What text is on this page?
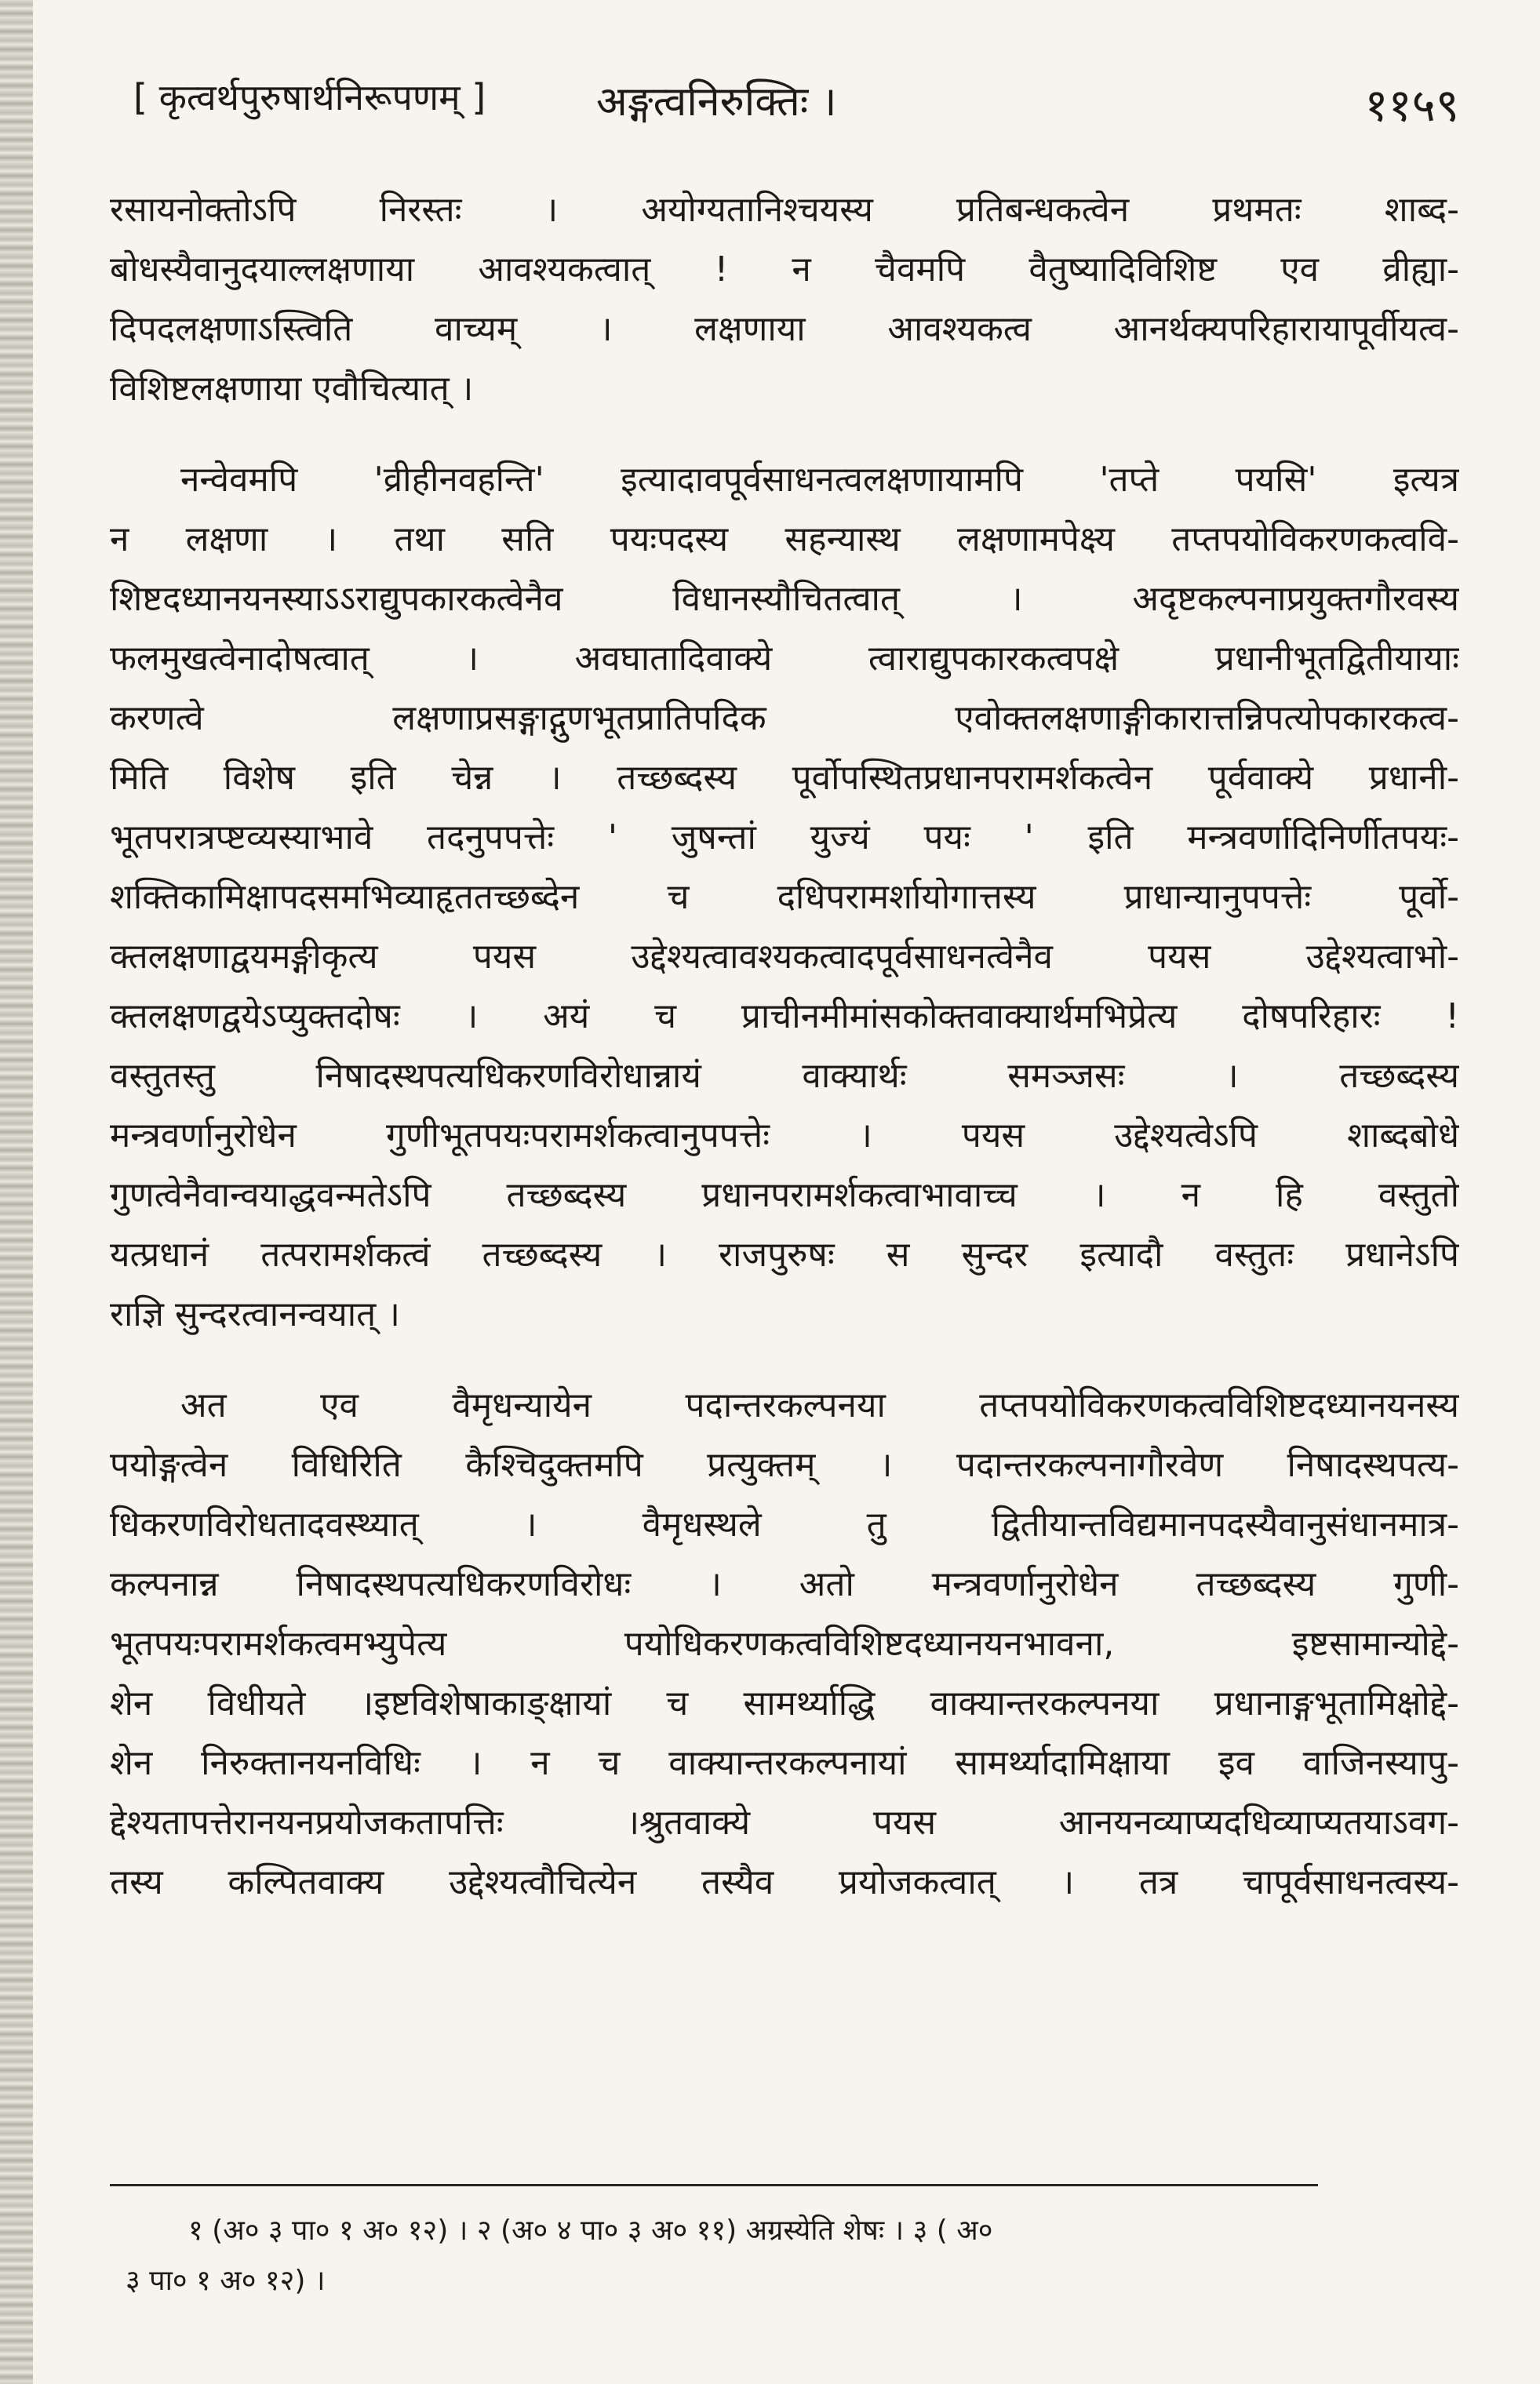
[ कृत्वर्थपुरुषार्थनिरूपणम् ]	अङ्गत्वनिरुक्तिः ।	११५९
रसायनोक्तोऽपि निरस्तः । अयोग्यतानिश्चयस्य प्रतिबन्धकत्वेन प्रथमतः शाब्द-
बोधस्यैवानुदयाल्लक्षणाया आवश्यकत्वात् ! न चैवमपि वैतुष्यादिविशिष्ट एव व्रीह्या-
दिपदलक्षणाऽस्त्विति वाच्यम् । लक्षणाया आवश्यकत्व आनर्थक्यपरिहारायापूर्वीयत्व-
विशिष्टलक्षणाया एवौचित्यात् ।
नन्वेवमपि 'व्रीहीनवहन्ति' इत्यादावपूर्वसाधनत्वलक्षणायामपि 'तप्ते पयसि' इत्यत्र
न लक्षणा । तथा सति पयःपदस्य सहन्यास्थ लक्षणामपेक्ष्य तप्तपयोविकरणकत्ववि-
शिष्टदध्यानयनस्याऽऽराद्युपकारकत्वेनैव विधानस्यौचितत्वात् । अदृष्टकल्पनाप्रयुक्तगौरवस्य
फलमुखत्वेनादोषत्वात् । अवघातादिवाक्ये त्वाराद्युपकारकत्वपक्षे प्रधानीभूतद्वितीयायाः
करणत्वे लक्षणाप्रसङ्गाद्गुणभूतप्रातिपदिक एवोक्तलक्षणाङ्गीकारात्तन्निपत्योपकारकत्व-
मिति विशेष इति चेन्न । तच्छब्दस्य पूर्वोपस्थितप्रधानपरामर्शकत्वेन पूर्ववाक्ये प्रधानी-
भूतपरात्रप्ष्टव्यस्याभावे तदनुपपत्तेः ' जुषन्तां युज्यं पयः ' इति मन्त्रवर्णादिनिर्णीतपयः-
शक्तिकामिक्षापदसमभिव्याहृततच्छब्देन च दधिपरामर्शायोगात्तस्य प्राधान्यानुपपत्तेः पूर्वो-
क्तलक्षणाद्वयमङ्गीकृत्य पयस उद्देश्यत्वावश्यकत्वादपूर्वसाधनत्वेनैव पयस उद्देश्यत्वाभो-
क्तलक्षणद्वयेऽप्युक्तदोषः । अयं च प्राचीनमीमांसकोक्तवाक्यार्थमभिप्रेत्य दोषपरिहारः !
वस्तुतस्तु निषादस्थपत्यधिकरणविरोधान्नायं वाक्यार्थः समञ्जसः । तच्छब्दस्य
मन्त्रवर्णानुरोधेन गुणीभूतपयःपरामर्शकत्वानुपपत्तेः । पयस उद्देश्यत्वेऽपि शाब्दबोधे
गुणत्वेनैवान्वयाद्धवन्मतेऽपि तच्छब्दस्य प्रधानपरामर्शकत्वाभावाच्च । न हि वस्तुतो
यत्प्रधानं तत्परामर्शकत्वं तच्छब्दस्य । राजपुरुषः स सुन्दर इत्यादौ वस्तुतः प्रधानेऽपि
राज्ञि सुन्दरत्वानन्वयात् ।
अत एव वैमृधन्यायेन पदान्तरकल्पनया तप्तपयोविकरणकत्वविशिष्टदध्यानयनस्य
पयोङ्गत्वेन विधिरिति कैश्चिदुक्तमपि प्रत्युक्तम् । पदान्तरकल्पनागौरवेण निषादस्थपत्य-
धिकरणविरोधतादवस्थ्यात् । वैमृधस्थले तु द्वितीयान्तविद्यमानपदस्यैवानुसंधानमात्र-
कल्पनान्न निषादस्थपत्यधिकरणविरोधः । अतो मन्त्रवर्णानुरोधेन तच्छब्दस्य गुणी-
भूतपयःपरामर्शकत्वमभ्युपेत्य पयोधिकरणकत्वविशिष्टदध्यानयनभावना, इष्टसामान्योद्दे-
शेन विधीयते ।इष्टविशेषाकाङ्क्षायां च सामर्थ्याद्धि वाक्यान्तरकल्पनया प्रधानाङ्गभूतामिक्षोद्दे-
शेन निरुक्तानयनविधिः । न च वाक्यान्तरकल्पनायां सामर्थ्यादामिक्षाया इव वाजिनस्यापु-
द्देश्यतापत्तेरानयनप्रयोजकतापत्तिः ।श्रुतवाक्ये पयस आनयनव्याप्यदधिव्याप्यतयाऽवग-
तस्य कल्पितवाक्य उद्देश्यत्वौचित्येन तस्यैव प्रयोजकत्वात् । तत्र चापूर्वसाधनत्वस्य-
१ (अ० ३ पा० १ अ० १२) । २ (अ० ४ पा० ३ अ० ११) अग्रस्येति शेषः । ३ ( अ०
३ पा० १ अ० १२) ।
